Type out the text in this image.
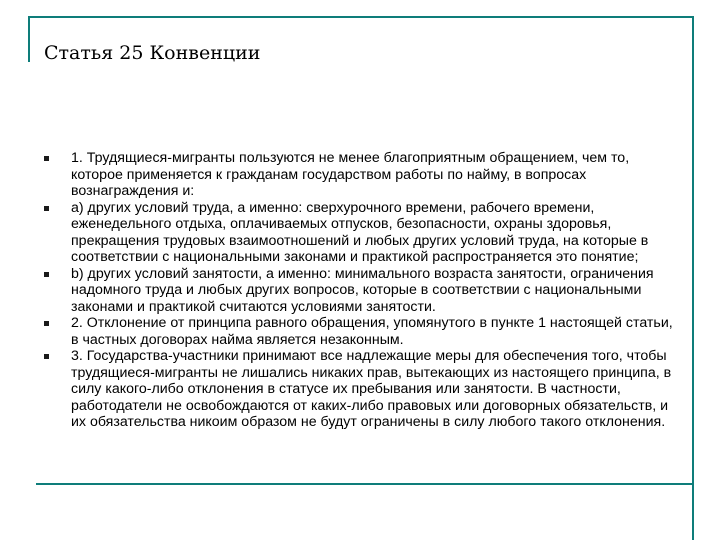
Статья 25 Конвенции
1. Трудящиеся-мигранты пользуются не менее благоприятным обращением, чем то, которое применяется к гражданам государством работы по найму, в вопросах вознаграждения и:
а) других условий труда, а именно: сверхурочного времени, рабочего времени, еженедельного отдыха, оплачиваемых отпусков, безопасности, охраны здоровья, прекращения трудовых взаимоотношений и любых других условий труда, на которые в соответствии с национальными законами и практикой распространяется это понятие;
b) других условий занятости, а именно: минимального возраста занятости, ограничения надомного труда и любых других вопросов, которые в соответствии с национальными законами и практикой считаются условиями занятости.
2. Отклонение от принципа равного обращения, упомянутого в пункте 1 настоящей статьи, в частных договорах найма является незаконным.
3. Государства-участники принимают все надлежащие меры для обеспечения того, чтобы трудящиеся-мигранты не лишались никаких прав, вытекающих из настоящего принципа, в силу какого-либо отклонения в статусе их пребывания или занятости. В частности, работодатели не освобождаются от каких-либо правовых или договорных обязательств, и их обязательства никоим образом не будут ограничены в силу любого такого отклонения.
